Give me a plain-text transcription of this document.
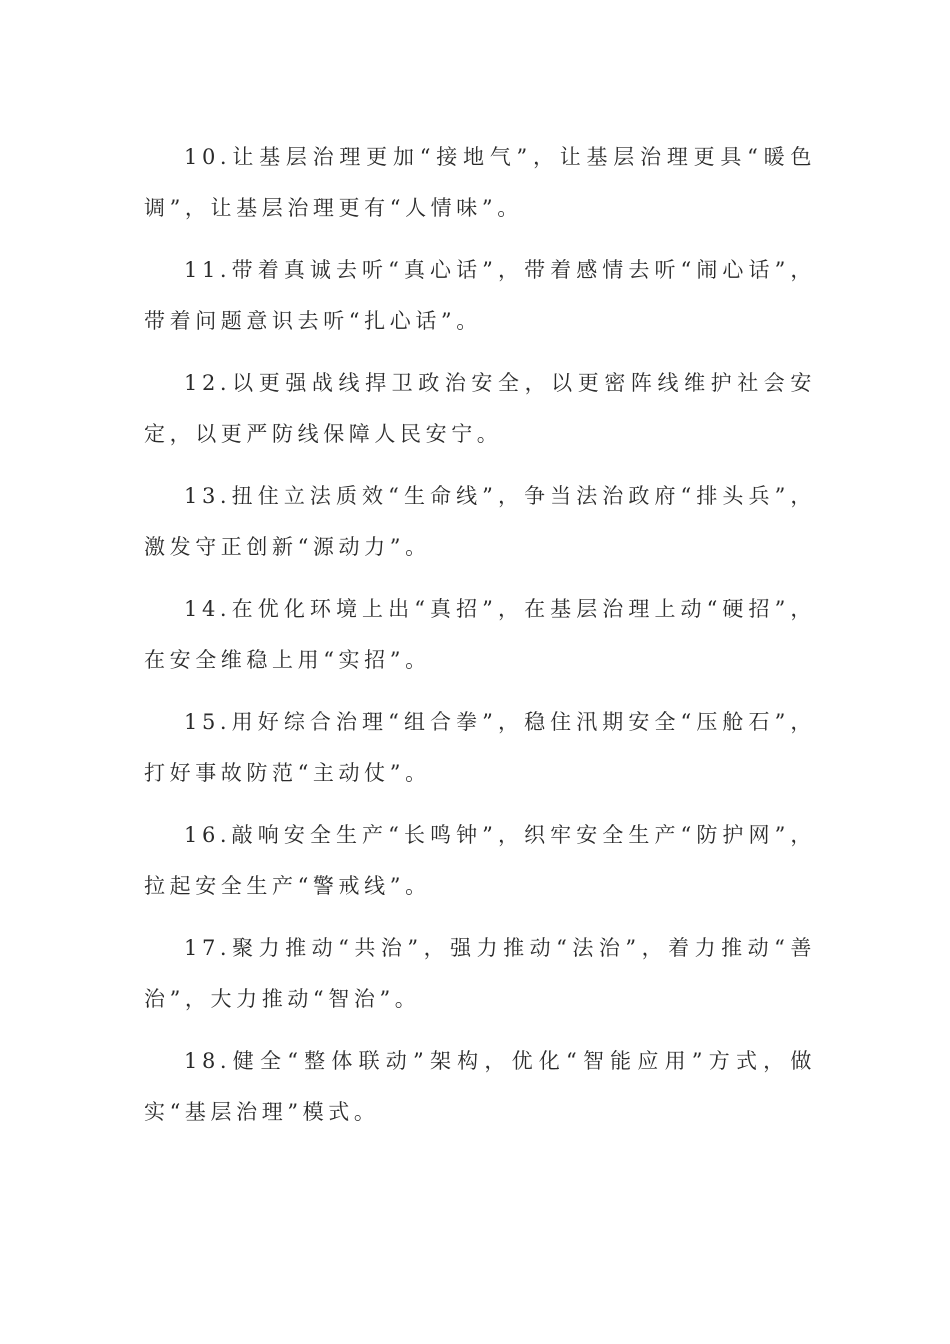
10.让基层治理更加“接地气”，让基层治理更具“暖色调”，让基层治理更有“人情味”。

11.带着真诚去听“真心话”，带着感情去听“闹心话”，带着问题意识去听“扎心话”。

12.以更强战线捍卫政治安全，以更密阵线维护社会安定，以更严防线保障人民安宁。

13.扭住立法质效“生命线”，争当法治政府“排头兵”，激发守正创新“源动力”。

14.在优化环境上出“真招”，在基层治理上动“硬招”，在安全维稳上用“实招”。

15.用好综合治理“组合拳”，稳住汛期安全“压舱石”，打好事故防范“主动仗”。

16.敲响安全生产“长鸣钟”，织牢安全生产“防护网”，拉起安全生产“警戒线”。

17.聚力推动“共治”，强力推动“法治”，着力推动“善治”，大力推动“智治”。

18.健全“整体联动”架构，优化“智能应用”方式，做实“基层治理”模式。
